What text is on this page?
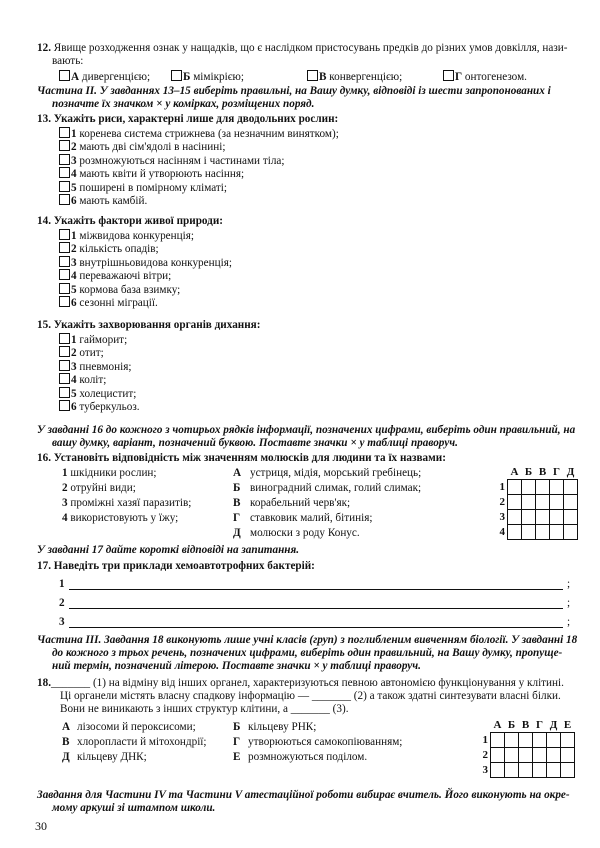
12. Явище розходження ознак у нащадків, що є наслідком пристосувань предків до різних умов довкілля, нази-
вають:
А дивергенцією;	Б мімікрією;	В конвергенцією;	Г онтогенезом.
Частина ІІ. У завданнях 13–15 виберіть правильні, на Вашу думку, відповіді із шести запропонованих і
позначте їх значком × у комірках, розміщених поряд.
13. Укажіть риси, характерні лише для дводольних рослин:
1 коренева система стрижнева (за незначним винятком);
2 мають дві сім'ядолі в насінині;
3 розмножуються насінням і частинами тіла;
4 мають квіти й утворюють насіння;
5 поширені в помірному кліматі;
6 мають камбій.
14. Укажіть фактори живої природи:
1 міжвидова конкуренція;
2 кількість опадів;
3 внутрішньовидова конкуренція;
4 переважаючі вітри;
5 кормова база взимку;
6 сезонні міграції.
15. Укажіть захворювання органів дихання:
1 гайморит;
2 отит;
3 пневмонія;
4 коліт;
5 холецистит;
6 туберкульоз.
У завданні 16 до кожного з чотирьох рядків інформації, позначених цифрами, виберіть один правильний, на
вашу думку, варіант, позначений буквою. Поставте значки × у таблиці праворуч.
16. Установіть відповідність між значенням молюсків для людини та їх назвами:
1 шкідники рослин;
2 отруйні види;
3 проміжні хазяї паразитів;
4 використовують у їжу;
А устриця, мідія, морський гребінець;
Б виноградний слимак, голий слимак;
В корабельний черв'як;
Г ставковик малий, бітинія;
Д молюски з роду Конус.
	А	Б	В	Г	Д
1					
2					
3					
4					
У завданні 17 дайте короткі відповіді на запитання.
17. Наведіть три приклади хемоавтотрофних бактерій:
1	;
2	;
3	;
Частина ІІІ. Завдання 18 виконують лише учні класів (груп) з поглибленим вивченням біології. У завданні 18
до кожного з трьох речень, позначених цифрами, виберіть один правильний, на Вашу думку, пропуще-
ний термін, позначений літерою. Поставте значки × у таблиці праворуч.
18._______ (1) на відміну від інших органел, характеризуються певною автономією функціонування у клітині.
Ці органели містять власну спадкову інформацію — _______ (2) а також здатні синтезувати власні білки.
Вони не виникають з інших структур клітини, а _______ (3).
А лізосоми й пероксисоми;	Б кільцеву РНК;
В хлоропласти й мітохондрії; Г утворюються самокопіюванням;
Д кільцеву ДНК;	Е розмножуються поділом.
	А	Б	В	Г	Д	Е
1						
2						
3						
Завдання для Частини IV та Частини V атестаційної роботи вибирає вчитель. Його виконують на окре-
мому аркуші зі штампом школи.
30
